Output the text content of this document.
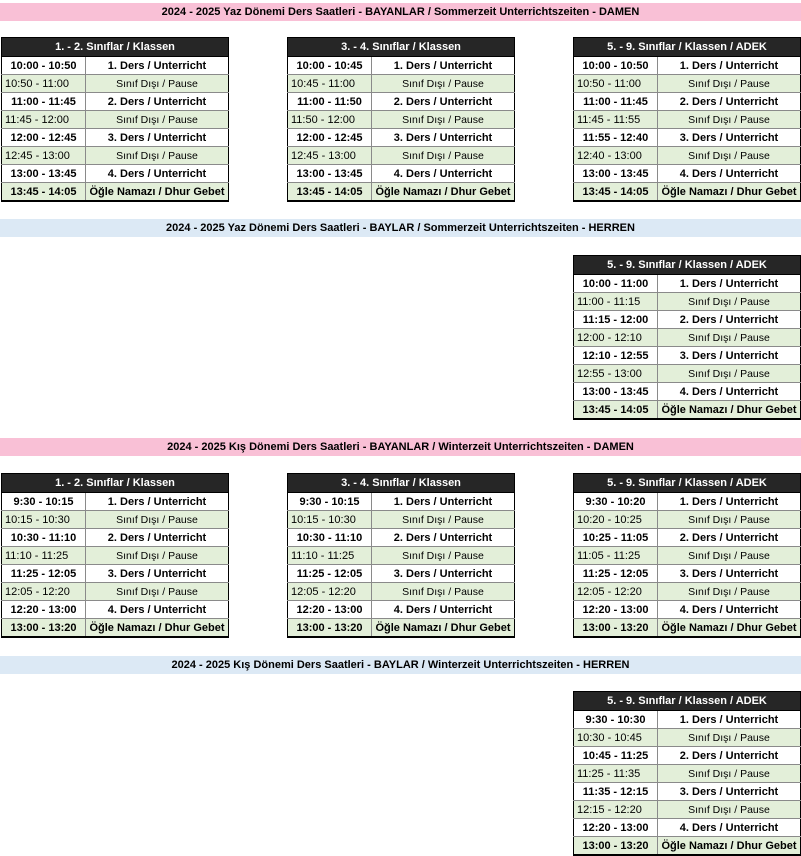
2024 - 2025 Yaz Dönemi Ders Saatleri - BAYANLAR / Sommerzeit Unterrichtszeiten - DAMEN
1. - 2. Sınıflar / Klassen	
10:00 - 10:50	1. Ders / Unterricht
10:50 - 11:00	Sınıf Dışı / Pause
11:00 - 11:45	2. Ders / Unterricht
11:45 - 12:00	Sınıf Dışı / Pause
12:00 - 12:45	3. Ders / Unterricht
12:45 - 13:00	Sınıf Dışı / Pause
13:00 - 13:45	4. Ders / Unterricht
13:45 - 14:05	Öğle Namazı / Dhur Gebet
3. - 4. Sınıflar / Klassen	
10:00 - 10:45	1. Ders / Unterricht
10:45 - 11:00	Sınıf Dışı / Pause
11:00 - 11:50	2. Ders / Unterricht
11:50 - 12:00	Sınıf Dışı / Pause
12:00 - 12:45	3. Ders / Unterricht
12:45 - 13:00	Sınıf Dışı / Pause
13:00 - 13:45	4. Ders / Unterricht
13:45 - 14:05	Öğle Namazı / Dhur Gebet
5. - 9. Sınıflar / Klassen / ADEK	
10:00 - 10:50	1. Ders / Unterricht
10:50 - 11:00	Sınıf Dışı / Pause
11:00 - 11:45	2. Ders / Unterricht
11:45 - 11:55	Sınıf Dışı / Pause
11:55 - 12:40	3. Ders / Unterricht
12:40 - 13:00	Sınıf Dışı / Pause
13:00 - 13:45	4. Ders / Unterricht
13:45 - 14:05	Öğle Namazı / Dhur Gebet
2024 - 2025 Yaz Dönemi Ders Saatleri - BAYLAR / Sommerzeit Unterrichtszeiten - HERREN
5. - 9. Sınıflar / Klassen / ADEK	
10:00 - 11:00	1. Ders / Unterricht
11:00 - 11:15	Sınıf Dışı / Pause
11:15 - 12:00	2. Ders / Unterricht
12:00 - 12:10	Sınıf Dışı / Pause
12:10 - 12:55	3. Ders / Unterricht
12:55 - 13:00	Sınıf Dışı / Pause
13:00 - 13:45	4. Ders / Unterricht
13:45 - 14:05	Öğle Namazı / Dhur Gebet
2024 - 2025 Kış Dönemi Ders Saatleri - BAYANLAR / Winterzeit Unterrichtszeiten - DAMEN
1. - 2. Sınıflar / Klassen	
9:30 - 10:15	1. Ders / Unterricht
10:15 - 10:30	Sınıf Dışı / Pause
10:30 - 11:10	2. Ders / Unterricht
11:10 - 11:25	Sınıf Dışı / Pause
11:25 - 12:05	3. Ders / Unterricht
12:05 - 12:20	Sınıf Dışı / Pause
12:20 - 13:00	4. Ders / Unterricht
13:00 - 13:20	Öğle Namazı / Dhur Gebet
3. - 4. Sınıflar / Klassen	
9:30 - 10:15	1. Ders / Unterricht
10:15 - 10:30	Sınıf Dışı / Pause
10:30 - 11:10	2. Ders / Unterricht
11:10 - 11:25	Sınıf Dışı / Pause
11:25 - 12:05	3. Ders / Unterricht
12:05 - 12:20	Sınıf Dışı / Pause
12:20 - 13:00	4. Ders / Unterricht
13:00 - 13:20	Öğle Namazı / Dhur Gebet
5. - 9. Sınıflar / Klassen / ADEK	
9:30 - 10:20	1. Ders / Unterricht
10:20 - 10:25	Sınıf Dışı / Pause
10:25 - 11:05	2. Ders / Unterricht
11:05 - 11:25	Sınıf Dışı / Pause
11:25 - 12:05	3. Ders / Unterricht
12:05 - 12:20	Sınıf Dışı / Pause
12:20 - 13:00	4. Ders / Unterricht
13:00 - 13:20	Öğle Namazı / Dhur Gebet
2024 - 2025 Kış Dönemi Ders Saatleri - BAYLAR / Winterzeit Unterrichtszeiten - HERREN
5. - 9. Sınıflar / Klassen / ADEK	
9:30 - 10:30	1. Ders / Unterricht
10:30 - 10:45	Sınıf Dışı / Pause
10:45 - 11:25	2. Ders / Unterricht
11:25 - 11:35	Sınıf Dışı / Pause
11:35 - 12:15	3. Ders / Unterricht
12:15 - 12:20	Sınıf Dışı / Pause
12:20 - 13:00	4. Ders / Unterricht
13:00 - 13:20	Öğle Namazı / Dhur Gebet
